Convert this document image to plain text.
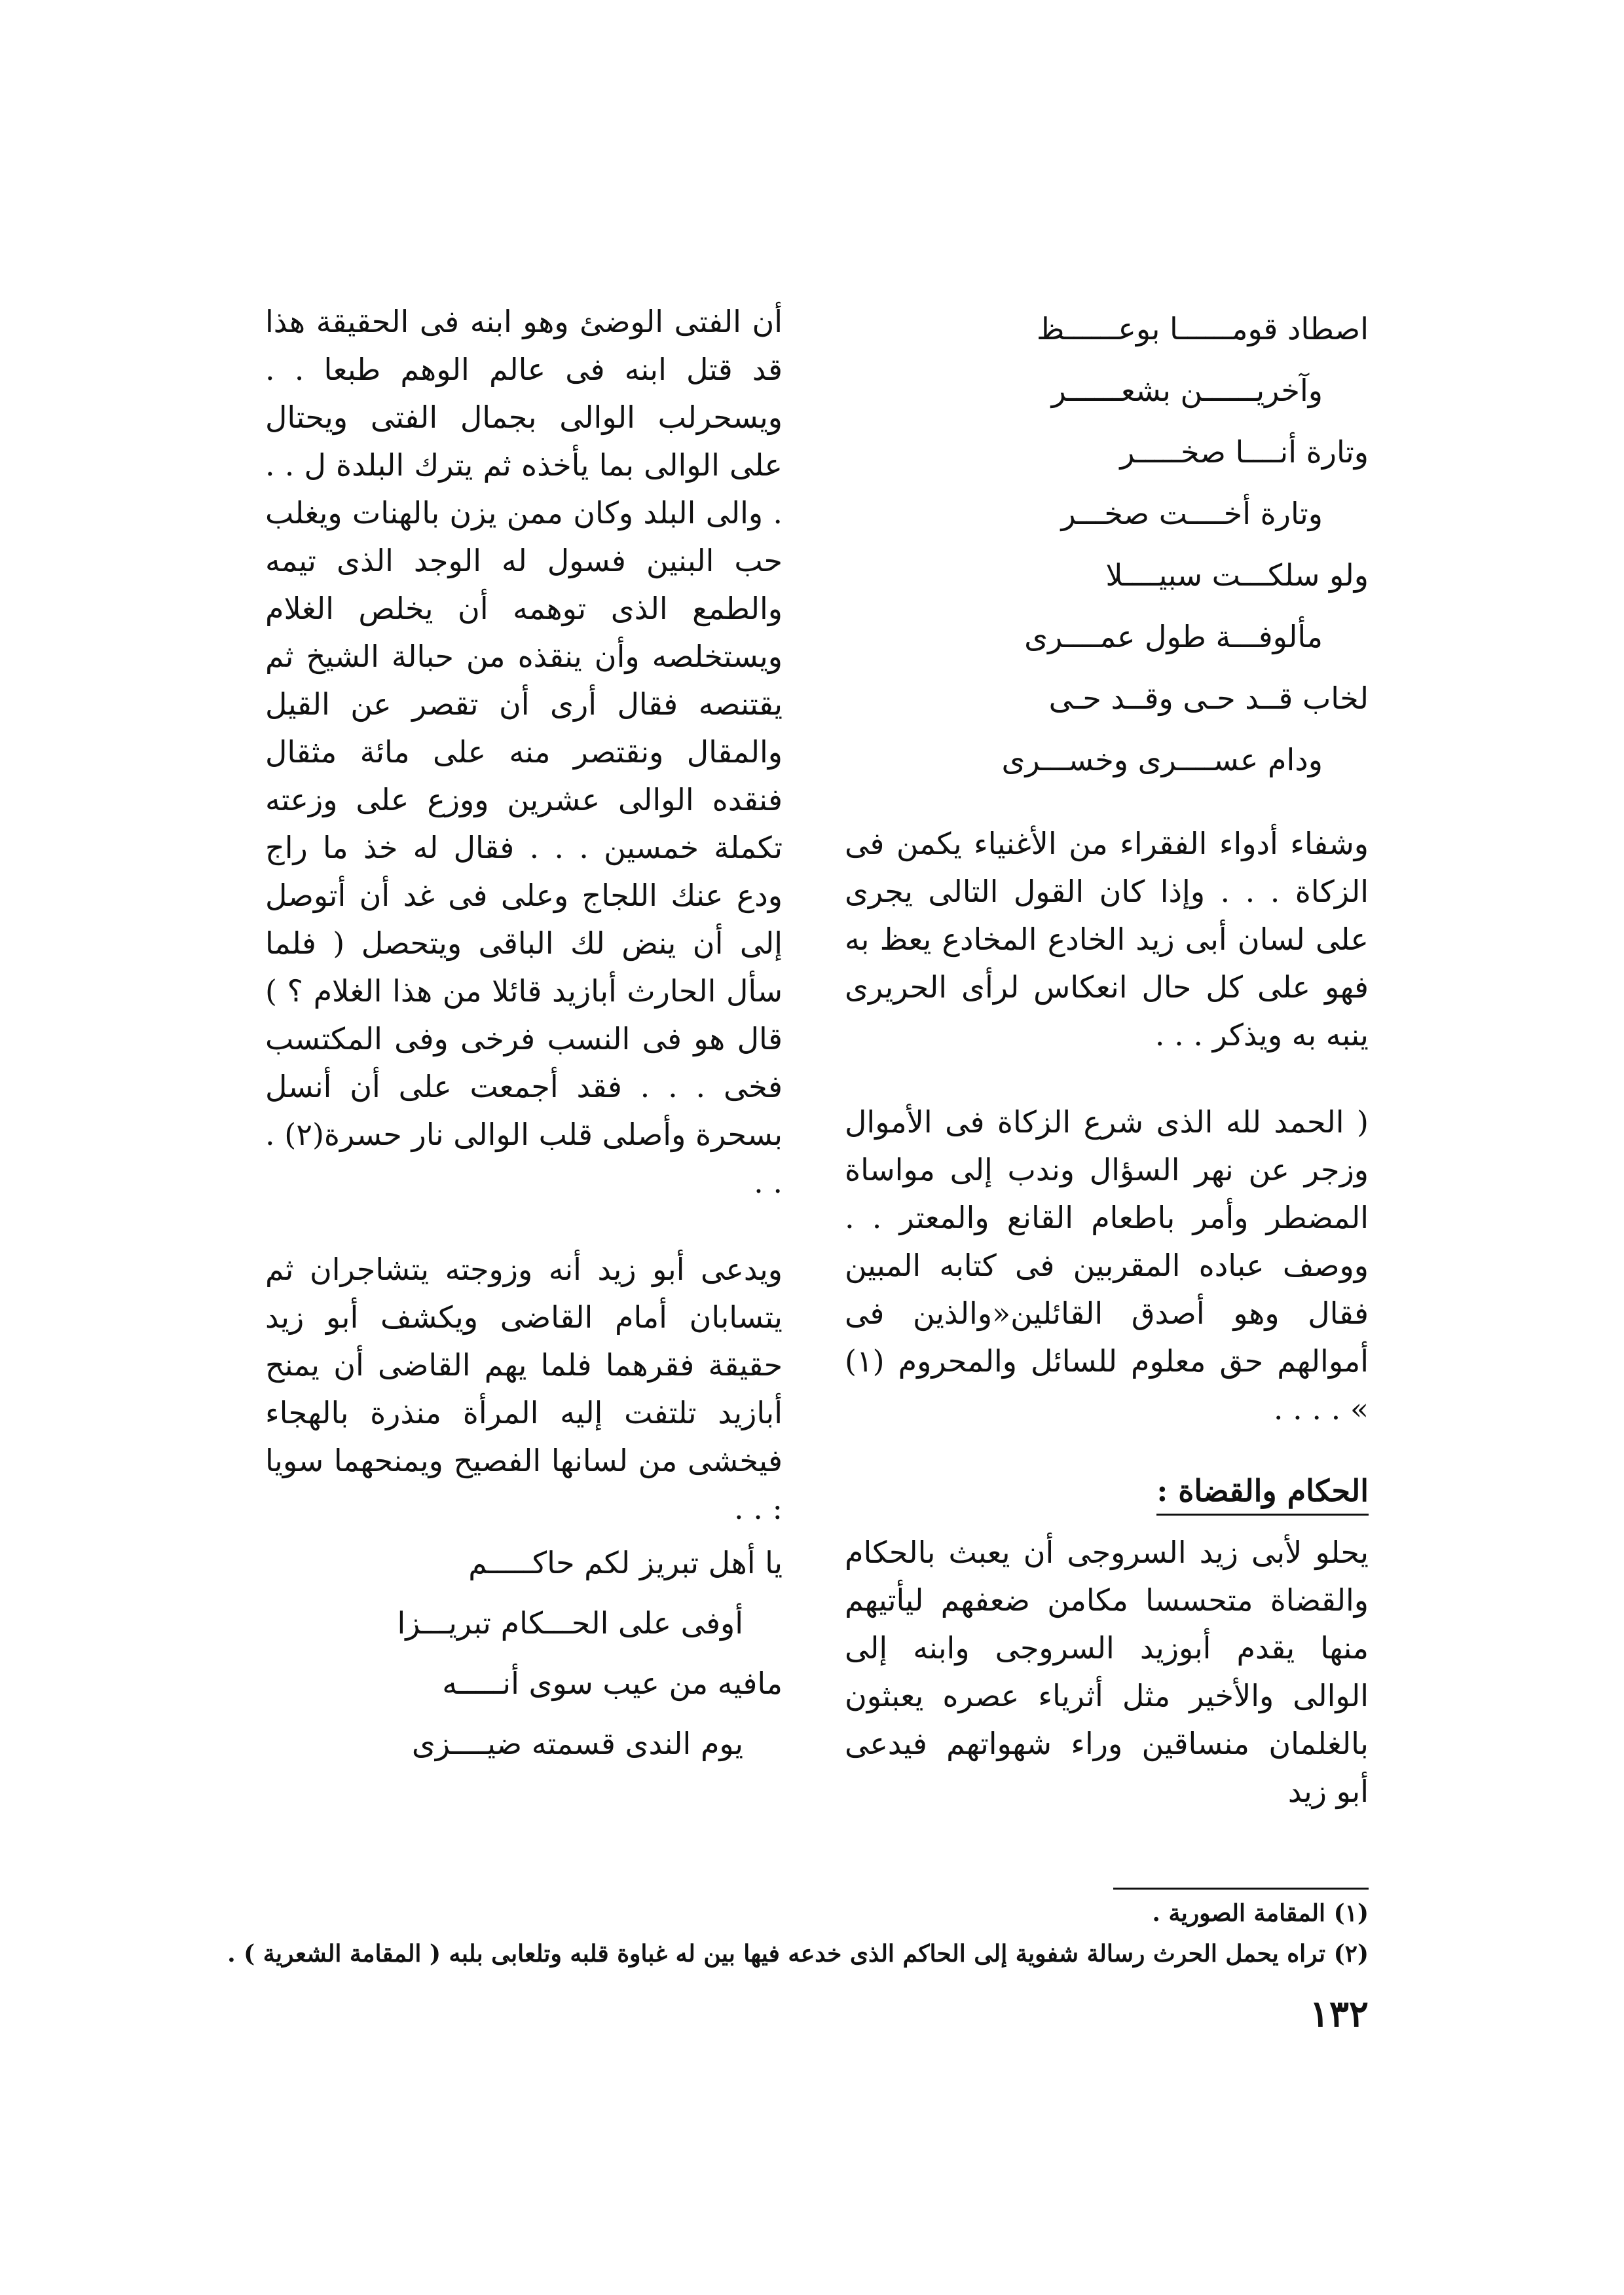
اصطاد قومــــــا بوعــــــظ
وآخريــــــن بشعــــــر
وتارة أنــــا صخـــــر
وتارة أخــــت صخـــر
ولو سلكـــت سبيــــلا
مألوفـــة طول عمــــرى
لخاب قــد حـى وقــد حـى
ودام عســــرى وخســـرى

وشفاء أدواء الفقراء من الأغنياء يكمن فى الزكاة . . . وإذا كان القول التالى يجرى على لسان أبى زيد الخادع المخادع يعظ به فهو على كل حال انعكاس لرأى الحريرى ينبه به ويذكر . . .

( الحمد لله الذى شرع الزكاة فى الأموال وزجر عن نهر السؤال وندب إلى مواساة المضطر وأمر باطعام القانع والمعتر . . ووصف عباده المقربين فى كتابه المبين فقال وهو أصدق القائلين«والذين فى أموالهم حق معلوم للسائل والمحروم (١) » . . . .

الحكام والقضاة :

يحلو لأبى زيد السروجى أن يعبث بالحكام والقضاة متحسسا مكامن ضعفهم ليأتيهم منها يقدم أبوزيد السروجى وابنه إلى الوالى والأخير مثل أثرياء عصره يعبثون بالغلمان منساقين وراء شهواتهم فيدعى أبو زيد

أن الفتى الوضئ وهو ابنه فى الحقيقة هذا قد قتل ابنه فى عالم الوهم طبعا . . ويسحرلب الوالى بجمال الفتى ويحتال على الوالى بما يأخذه ثم يترك البلدة ل . . . والى البلد وكان ممن يزن بالهنات ويغلب حب البنين فسول له الوجد الذى تيمه والطمع الذى توهمه أن يخلص الغلام ويستخلصه وأن ينقذه من حبالة الشيخ ثم يقتنصه فقال أرى أن تقصر عن القيل والمقال ونقتصر منه على مائة مثقال فنقده الوالى عشرين ووزع على وزعته تكملة خمسين . . . فقال له خذ ما راج ودع عنك اللجاج وعلى فى غد أن أتوصل إلى أن ينض لك الباقى ويتحصل ( فلما سأل الحارث أبازيد قائلا من هذا الغلام ؟ ) قال هو فى النسب فرخى وفى المكتسب فخى . . . فقد أجمعت على أن أنسل بسحرة وأصلى قلب الوالى نار حسرة(٢) . . .

ويدعى أبو زيد أنه وزوجته يتشاجران ثم يتسابان أمام القاضى ويكشف أبو زيد حقيقة فقرهما فلما يهم القاضى أن يمنح أبازيد تلتفت إليه المرأة منذرة بالهجاء فيخشى من لسانها الفصيح ويمنحهما سويا : . .

يا أهل تبريز لكم حاكـــــم
أوفى على الحـــكام تبريـــزا
مافيه من عيب سوى أنـــــه
يوم الندى قسمته ضيــــزى

(١) المقامة الصورية .

(٢) تراه يحمل الحرث رسالة شفوية إلى الحاكم الذى خدعه فيها بين له غباوة قلبه وتلعابى بلبه ( المقامة الشعرية ) .

١٣٢
